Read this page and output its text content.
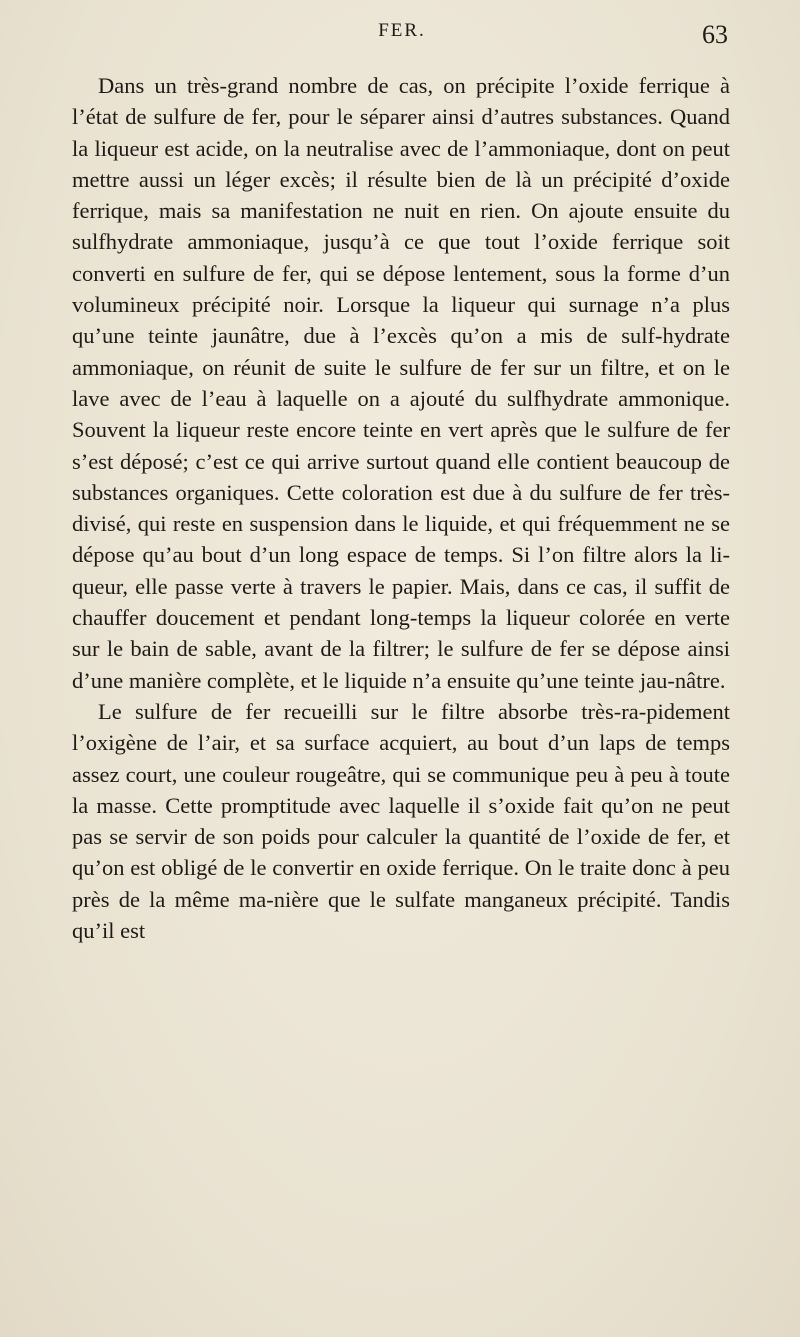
FER.	63

Dans un très-grand nombre de cas, on précipite l’oxide ferrique à l’état de sulfure de fer, pour le séparer ainsi d’autres substances. Quand la liqueur est acide, on la neutralise avec de l’ammoniaque, dont on peut mettre aussi un léger excès; il résulte bien de là un précipité d’oxide ferrique, mais sa manifestation ne nuit en rien. On ajoute ensuite du sulfhydrate ammoniaque, jusqu’à ce que tout l’oxide ferrique soit converti en sulfure de fer, qui se dépose lentement, sous la forme d’un volumineux précipité noir. Lorsque la liqueur qui surnage n’a plus qu’une teinte jaunâtre, due à l’excès qu’on a mis de sulf-hydrate ammoniaque, on réunit de suite le sulfure de fer sur un filtre, et on le lave avec de l’eau à laquelle on a ajouté du sulfhydrate ammonique. Souvent la liqueur reste encore teinte en vert après que le sulfure de fer s’est déposé; c’est ce qui arrive surtout quand elle contient beaucoup de substances organiques. Cette coloration est due à du sulfure de fer très-divisé, qui reste en suspension dans le liquide, et qui fréquemment ne se dépose qu’au bout d’un long espace de temps. Si l’on filtre alors la li-queur, elle passe verte à travers le papier. Mais, dans ce cas, il suffit de chauffer doucement et pendant long-temps la liqueur colorée en verte sur le bain de sable, avant de la filtrer; le sulfure de fer se dépose ainsi d’une manière complète, et le liquide n’a ensuite qu’une teinte jau-nâtre.

Le sulfure de fer recueilli sur le filtre absorbe très-ra-pidement l’oxigène de l’air, et sa surface acquiert, au bout d’un laps de temps assez court, une couleur rougeâtre, qui se communique peu à peu à toute la masse. Cette promptitude avec laquelle il s’oxide fait qu’on ne peut pas se servir de son poids pour calculer la quantité de l’oxide de fer, et qu’on est obligé de le convertir en oxide ferrique. On le traite donc à peu près de la même ma-nière que le sulfate manganeux précipité. Tandis qu’il est
